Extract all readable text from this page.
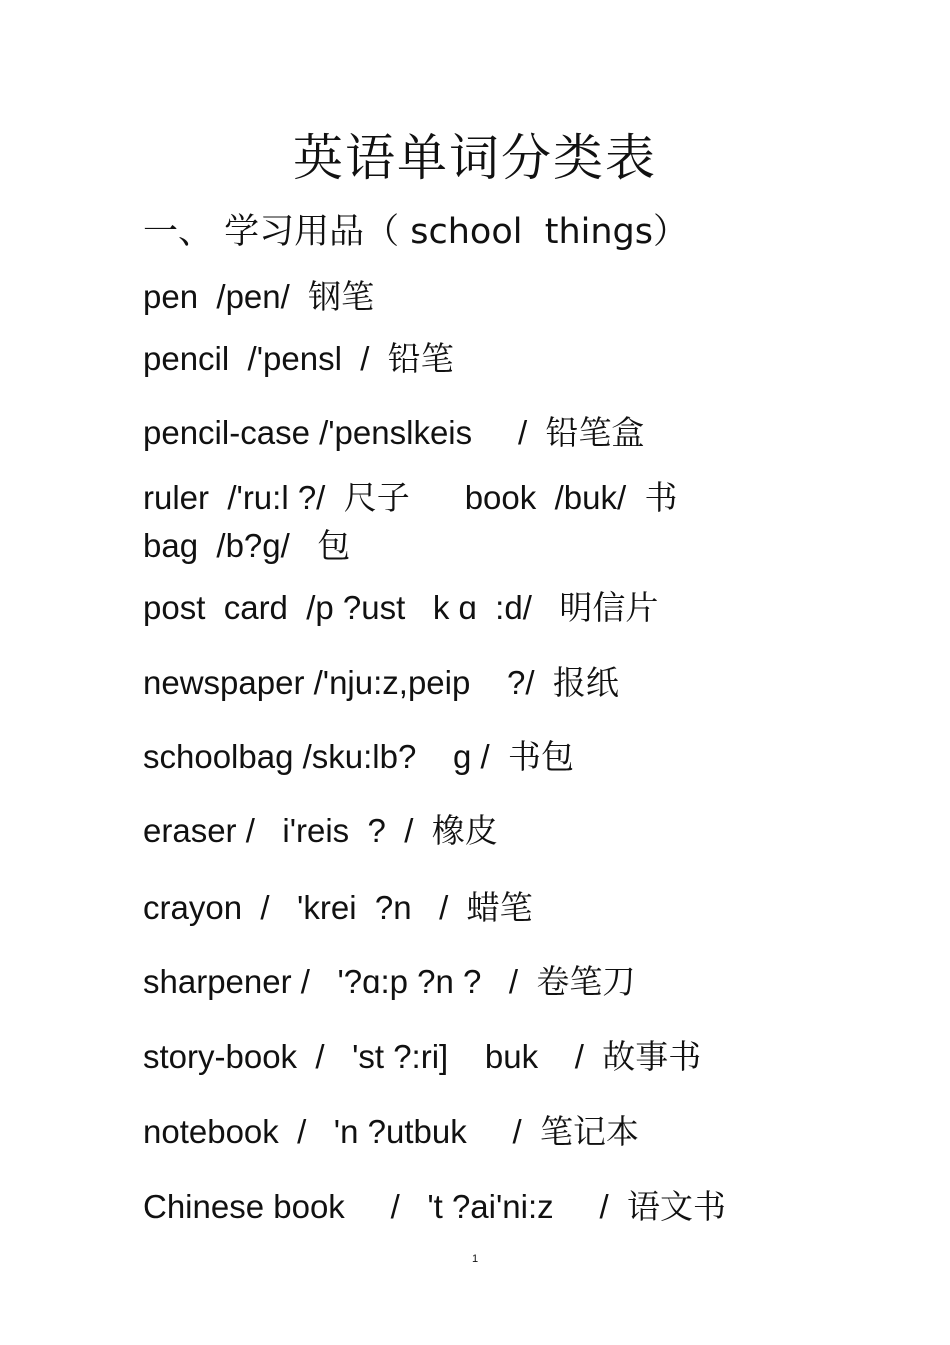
英语单词分类表
一、 学习用品（ school  things）
pen  /pen/  钢笔
pencil  /'pensl  /  铅笔
pencil-case /'penslkeis     /  铅笔盒
ruler  /'ru:l ?/  尺子      book  /buk/  书
bag  /b?g/   包
post  card  /p ?ust   k ɑ  :d/   明信片
newspaper /'nju:z,peip    ?/  报纸
schoolbag /sku:lb?    g /  书包
eraser /   i'reis  ?  /  橡皮
crayon  /   'krei  ?n   /  蜡笔
sharpener /   '?ɑ:p ?n ?   /  卷笔刀
story-book  /   'st ?:ri]    buk    /  故事书
notebook  /   'n ?utbuk     /  笔记本
Chinese book     /   't ?ai'ni:z     /  语文书
1
